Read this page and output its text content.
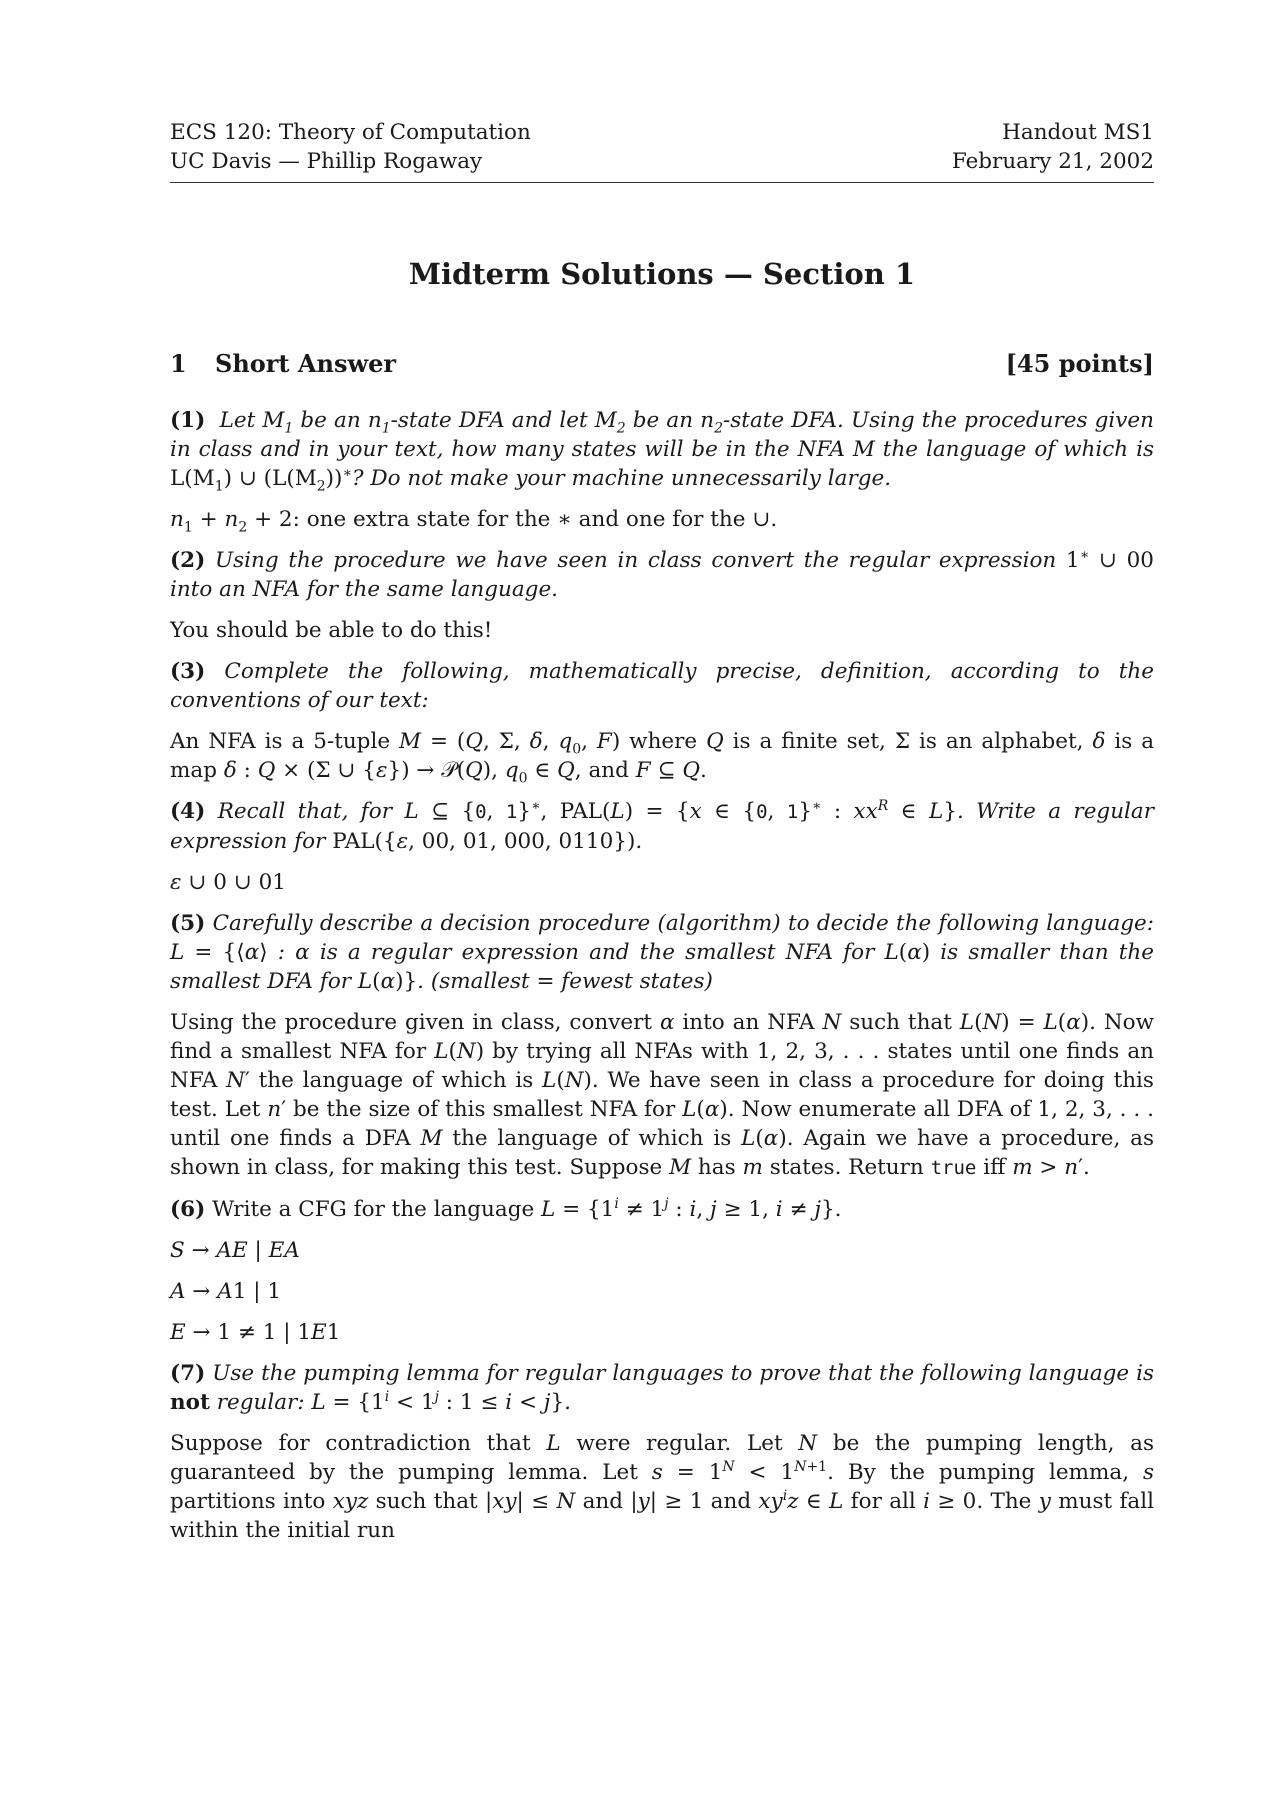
ECS 120: Theory of Computation
UC Davis — Phillip Rogaway
Handout MS1
February 21, 2002
Midterm Solutions — Section 1
1 Short Answer	[45 points]

(1)  Let $M_1$ be an $n_1$-state DFA and let $M_2$ be an $n_2$-state DFA. Using the procedures given in class and in your text, how many states will be in the NFA M the language of which is $L(M_1)$ ∪ $(L(M_2))^∗$? Do not make your machine unnecessarily large.

$n_1 + n_2 + 2$: one extra state for the ∗ and one for the ∪.

(2) Using the procedure we have seen in class convert the regular expression 1∗ ∪ 00 into an NFA for the same language.

You should be able to do this!

(3) Complete the following, mathematically precise, definition, according to the conventions of our text:

An NFA is a 5-tuple M = (Q, Σ, δ, $q_0$, F) where Q is a finite set, Σ is an alphabet, δ is a map δ : Q × (Σ ∪ {ε}) → 𝒫(Q), $q_0$ ∈ Q, and F ⊆ Q.

(4) Recall that, for L ⊆ {0, 1}∗, PAL(L) = {x ∈ {0, 1}∗ : $xx^R$ ∈ L}. Write a regular expression for PAL({ε, 00, 01, 000, 0110}).

ε ∪ 0 ∪ 01

(5) Carefully describe a decision procedure (algorithm) to decide the following language: L = {⟨α⟩ : α is a regular expression and the smallest NFA for L(α) is smaller than the smallest DFA for L(α)}. (smallest = fewest states)

Using the procedure given in class, convert α into an NFA N such that L(N) = L(α). Now find a smallest NFA for L(N) by trying all NFAs with 1, 2, 3, . . . states until one finds an NFA N′ the language of which is L(N). We have seen in class a procedure for doing this test. Let n′ be the size of this smallest NFA for L(α). Now enumerate all DFA of 1, 2, 3, . . . until one finds a DFA M the language of which is L(α). Again we have a procedure, as shown in class, for making this test. Suppose M has m states. Return true iff m > n′.

(6) Write a CFG for the language $L = \{1^i \ne 1^j$ : i, j ≥ 1, i ≠ j}.

S → AE | EA

A → A1 | 1

E → 1 ≠ 1 | 1E1

(7) Use the pumping lemma for regular languages to prove that the following language is not regular: $L = \{1^i < 1^j$ : 1 ≤ i < j}.

Suppose for contradiction that L were regular. Let N be the pumping length, as guaranteed by the pumping lemma. Let $s = 1^N < 1^{N+1}$. By the pumping lemma, s partitions into xyz such that |xy| ≤ N and |y| ≥ 1 and $xy^iz$ ∈ L for all i ≥ 0. The y must fall within the initial run
